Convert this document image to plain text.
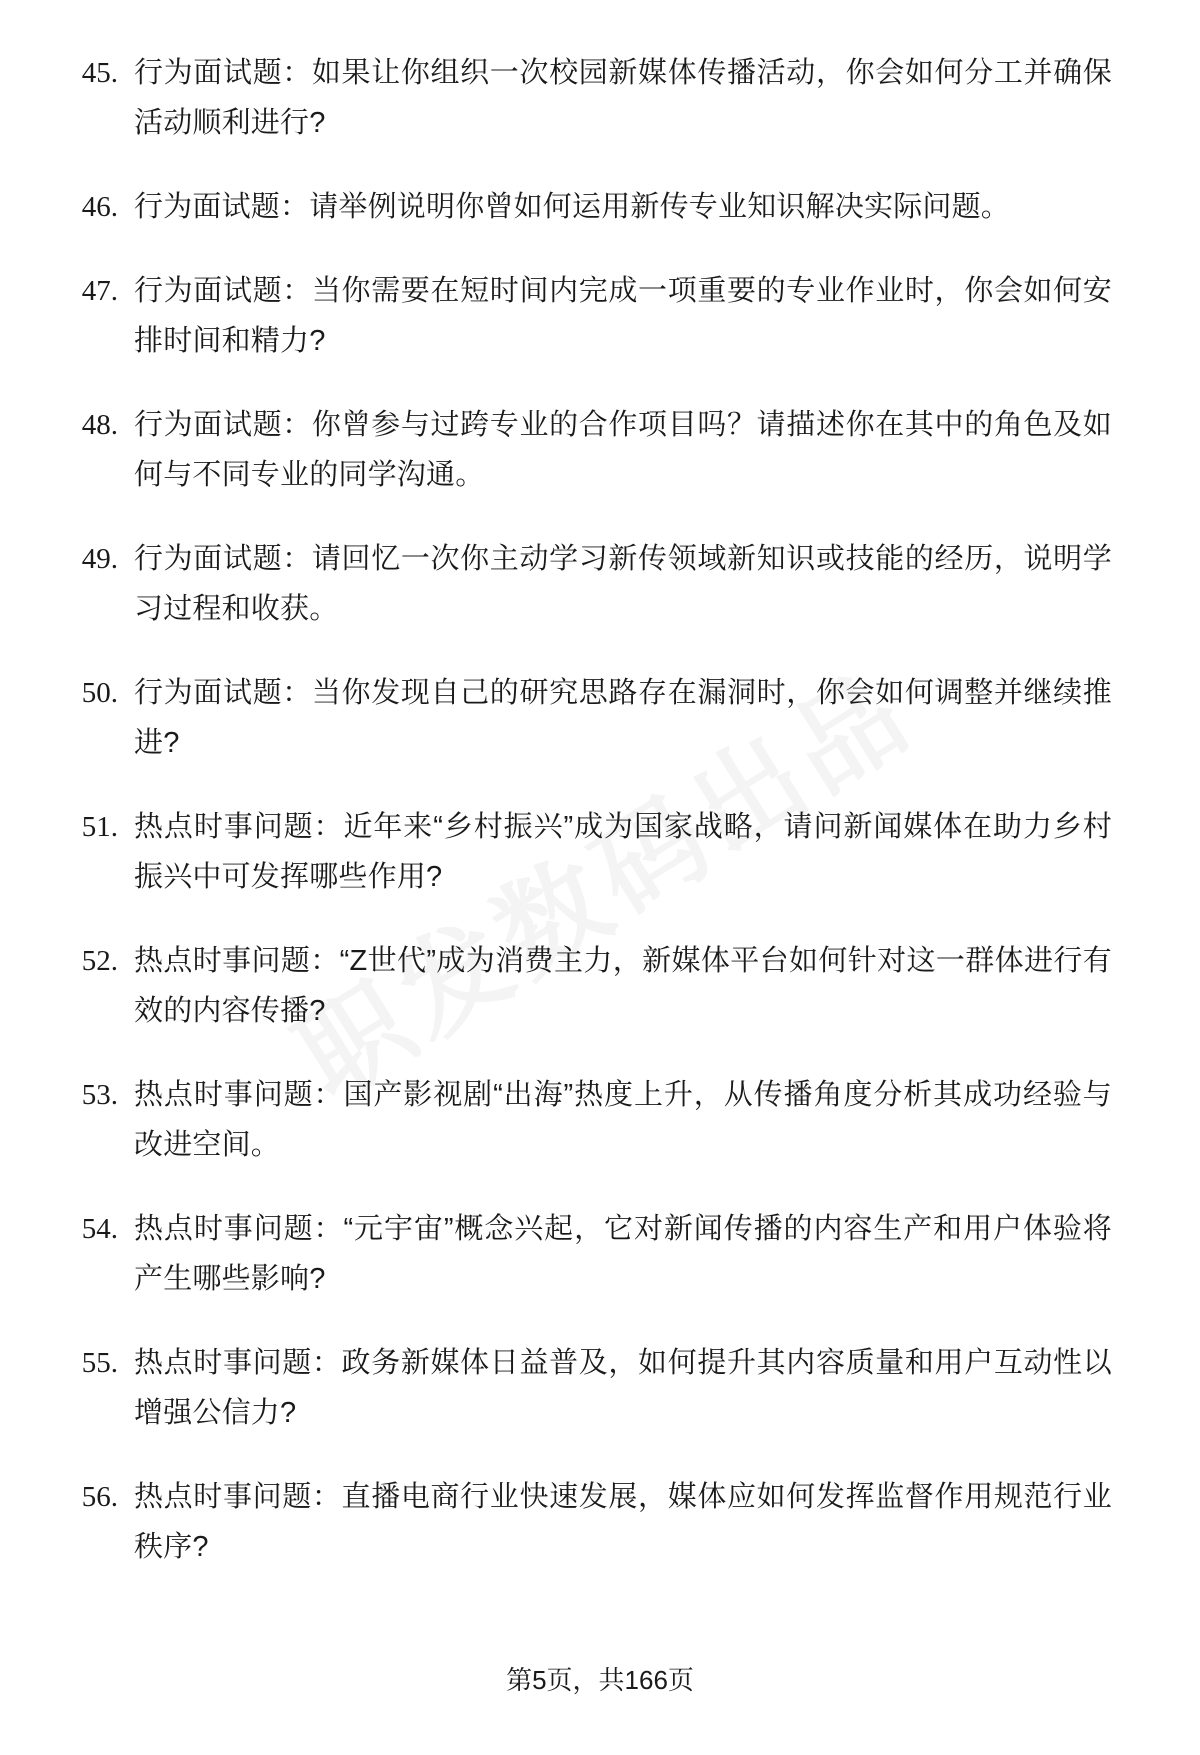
45. 行为面试题：如果让你组织一次校园新媒体传播活动，你会如何分工并确保活动顺利进行?
46. 行为面试题：请举例说明你曾如何运用新传专业知识解决实际问题。
47. 行为面试题：当你需要在短时间内完成一项重要的专业作业时，你会如何安排时间和精力?
48. 行为面试题：你曾参与过跨专业的合作项目吗？请描述你在其中的角色及如何与不同专业的同学沟通。
49. 行为面试题：请回忆一次你主动学习新传领域新知识或技能的经历，说明学习过程和收获。
50. 行为面试题：当你发现自己的研究思路存在漏洞时，你会如何调整并继续推进?
51. 热点时事问题：近年来“乡村振兴”成为国家战略，请问新闻媒体在助力乡村振兴中可发挥哪些作用?
52. 热点时事问题：“Z世代”成为消费主力，新媒体平台如何针对这一群体进行有效的内容传播?
53. 热点时事问题：国产影视剧“出海”热度上升，从传播角度分析其成功经验与改进空间。
54. 热点时事问题：“元宇宙”概念兴起，它对新闻传播的内容生产和用户体验将产生哪些影响?
55. 热点时事问题：政务新媒体日益普及，如何提升其内容质量和用户互动性以增强公信力?
56. 热点时事问题：直播电商行业快速发展，媒体应如何发挥监督作用规范行业秩序?
第5页，共166页
